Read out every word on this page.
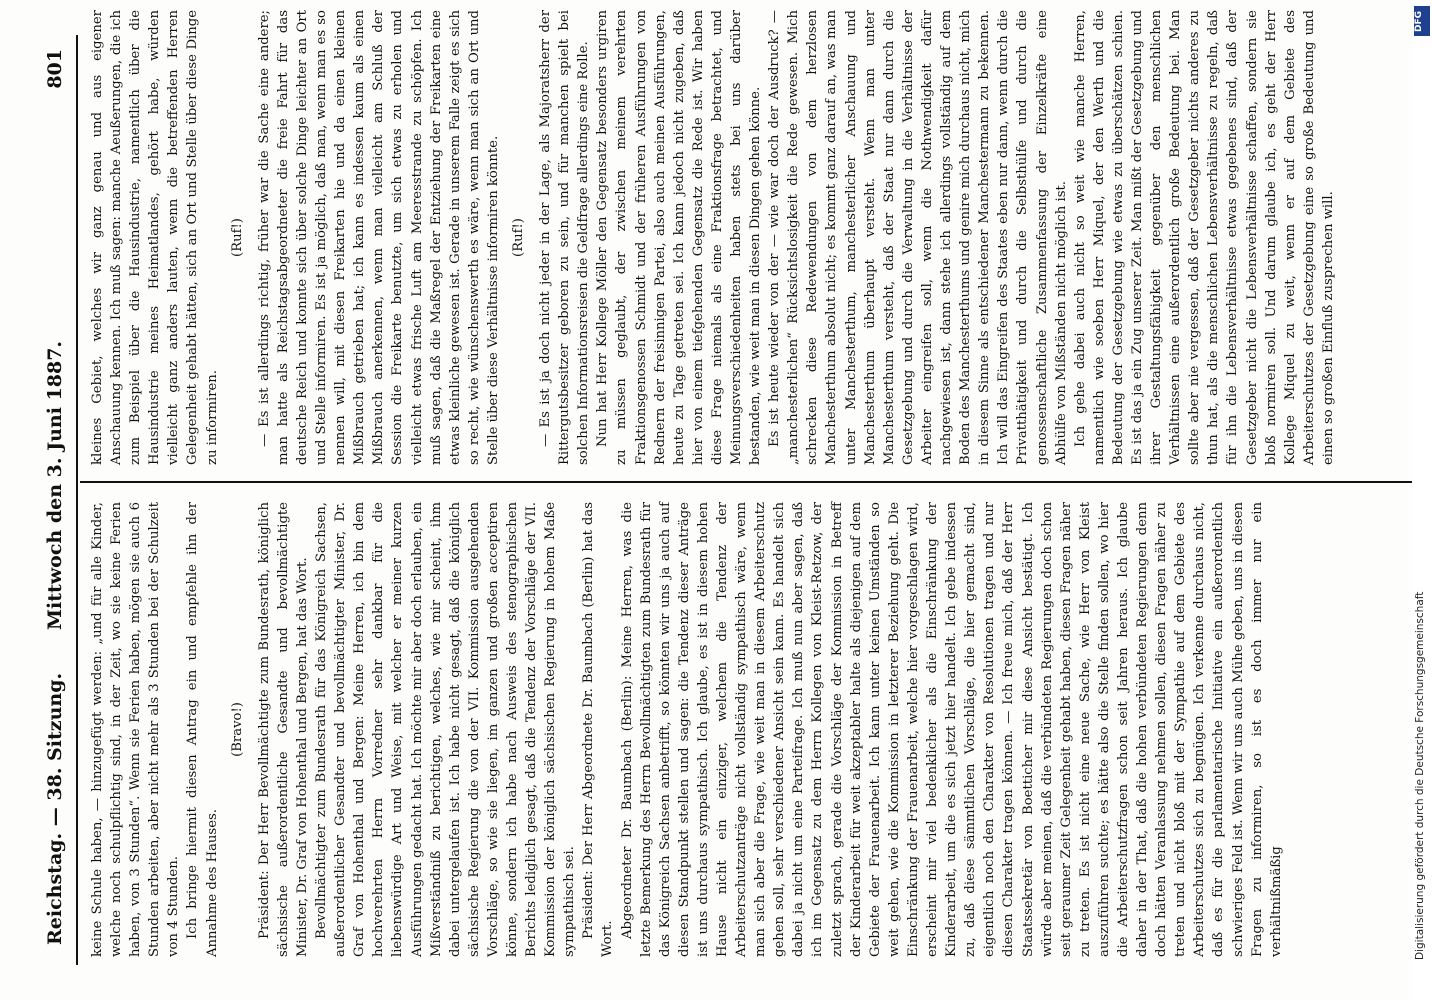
Reichstag. — 38. Sitzung.
Mittwoch den 3. Juni 1887.
801

keine Schule haben, — hinzugefügt werden: „und für alle Kinder, welche noch schulpflichtig sind, in der Zeit, wo sie keine Ferien haben, von 3 Stunden“. Wenn sie Ferien haben, mögen sie auch 6 Stunden arbeiten, aber nicht mehr als 3 Stunden bei der Schulzeit von 4 Stunden. Ich bringe hiermit diesen Antrag ein und empfehle ihn der Annahme des Hauses.

(Bravo!) Präsident: Der Herr Bevollmächtigte zum Bundesrath, königlich sächsische außerordentliche Gesandte und bevollmächtigte Minister, Dr. Graf von Hohenthal und Bergen, hat das Wort. Bevollmächtigter zum Bundesrath für das Königreich Sachsen, außerordentlicher Gesandter und bevollmächtigter Minister, Dr. Graf von Hohenthal und Bergen: Meine Herren, ich bin dem hochverehrten Herrn Vorredner sehr dankbar für die liebenswürdige Art und Weise, mit welcher er meiner kurzen Ausführungen gedacht hat. Ich möchte mir aber doch erlauben, ein Mißverständniß zu berichtigen, welches, wie mir scheint, ihm dabei untergelaufen ist. Ich habe nicht gesagt, daß die königlich sächsische Regierung die von der VII. Kommission ausgehenden Vorschläge, so wie sie liegen, im ganzen und großen acceptiren könne, sondern ich habe nach Ausweis des stenographischen Berichts lediglich gesagt, daß die Tendenz der Vorschläge der VII. Kommission der königlich sächsischen Regierung in hohem Maße sympathisch sei. Präsident: Der Herr Abgeordnete Dr. Baumbach (Berlin) hat das Wort. Abgeordneter Dr. Baumbach (Berlin): Meine Herren, was die letzte Bemerkung des Herrn Bevollmächtigten zum Bundesrath für das Königreich Sachsen anbetrifft, so könnten wir uns ja auch auf diesen Standpunkt stellen und sagen: die Tendenz dieser Anträge ist uns durchaus sympathisch. Ich glaube, es ist in diesem hohen Hause nicht ein einziger, welchem die Tendenz der Arbeiterschutzanträge nicht vollständig sympathisch wäre, wenn man sich aber die Frage, wie weit man in diesem Arbeiterschutz gehen soll, sehr verschiedener Ansicht sein kann. Es handelt sich dabei ja nicht um eine Parteifrage. Ich muß nun aber sagen, daß ich im Gegensatz zu dem Herrn Kollegen von Kleist-Retzow, der zuletzt sprach, gerade die Vorschläge der Kommission in Betreff der Kinderarbeit für weit akzeptabler halte als diejenigen auf dem Gebiete der Frauenarbeit. Ich kann unter keinen Umständen so weit gehen, wie die Kommission in letzterer Beziehung geht. Die Einschränkung der Frauenarbeit, welche hier vorgeschlagen wird, erscheint mir viel bedenklicher als die Einschränkung der Kinderarbeit, um die es sich jetzt hier handelt. Ich gebe indessen zu, daß diese sämmtlichen Vorschläge, die hier gemacht sind, eigentlich noch den Charakter von Resolutionen tragen und nur diesen Charakter tragen können. — Ich freue mich, daß der Herr Staatssekretär von Boetticher mir diese Ansicht bestätigt. Ich würde aber meinen, daß die verbündeten Regierungen doch schon seit geraumer Zeit Gelegenheit gehabt haben, diesen Fragen näher zu treten. Es ist nicht eine neue Sache, wie Herr von Kleist auszuführen suchte; es hätte also die Stelle finden sollen, wo hier die Arbeiterschutzfragen schon seit Jahren heraus. Ich glaube daher in der That, daß die hohen verbündeten Regierungen denn doch hätten Veranlassung nehmen sollen, diesen Fragen näher zu treten und nicht bloß mit der Sympathie auf dem Gebiete des Arbeiterschutzes sich zu begnügen. Ich verkenne durchaus nicht, daß es für die parlamentarische Initiative ein außerordentlich schwieriges Feld ist. Wenn wir uns auch Mühe geben, uns in diesen Fragen zu informiren, so ist es doch immer nur ein verhältnißmäßig

kleines Gebiet, welches wir ganz genau und aus eigener Anschauung kennen. Ich muß sagen: manche Aeußerungen, die ich zum Beispiel über die Hausindustrie, namentlich über die Hausindustrie meines Heimatlandes, gehört habe, würden vielleicht ganz anders lauten, wenn die betreffenden Herren Gelegenheit gehabt hätten, sich an Ort und Stelle über diese Dinge zu informiren.

(Ruf!) — Es ist allerdings richtig, früher war die Sache eine andere; man hatte als Reichstagsabgeordneter die freie Fahrt für das deutsche Reich und konnte sich über solche Dinge leichter an Ort und Stelle informiren. Es ist ja möglich, daß man, wenn man es so nennen will, mit diesen Freikarten hie und da einen kleinen Mißbrauch getrieben hat; ich kann es indessen kaum als einen Mißbrauch anerkennen, wenn man vielleicht am Schluß der Session die Freikarte benutzte, um sich etwas zu erholen und vielleicht etwas frische Luft am Meeresstrande zu schöpfen. Ich muß sagen, daß die Maßregel der Entziehung der Freikarten eine etwas kleinliche gewesen ist. Gerade in unserem Falle zeigt es sich so recht, wie wünschenswerth es wäre, wenn man sich an Ort und Stelle über diese Verhältnisse informiren könnte. (Ruf!) — Es ist ja doch nicht jeder in der Lage, als Majoratsherr der Rittergutsbesitzer geboren zu sein, und für manchen spielt bei solchen Informationsreisen die Geldfrage allerdings eine Rolle. Nun hat Herr Kollege Möller den Gegensatz besonders urgiren zu müssen geglaubt, der zwischen meinem verehrten Fraktionsgenossen Schmidt und der früheren Ausführungen von Rednern der freisinnigen Partei, also auch meinen Ausführungen, heute zu Tage getreten sei. Ich kann jedoch nicht zugeben, daß hier von einem tiefgehenden Gegensatz die Rede ist. Wir haben diese Frage niemals als eine Fraktionsfrage betrachtet, und Meinungsverschiedenheiten haben stets bei uns darüber bestanden, wie weit man in diesen Dingen gehen könne. Es ist heute wieder von der — wie war doch der Ausdruck? — „manchesterlichen“ Rücksichtslosigkeit die Rede gewesen. Mich schrecken diese Redewendungen von dem herzlosen Manchesterthum absolut nicht; es kommt ganz darauf an, was man unter Manchesterthum, manchesterlicher Anschauung und Manchesterthum überhaupt versteht. Wenn man unter Manchesterthum versteht, daß der Staat nur dann durch die Gesetzgebung und durch die Verwaltung in die Verhältnisse der Arbeiter eingreifen soll, wenn die Nothwendigkeit dafür nachgewiesen ist, dann stehe ich allerdings vollständig auf dem Boden des Manchesterthums und genire mich durchaus nicht, mich in diesem Sinne als entschiedener Manchestermann zu bekennen. Ich will das Eingreifen des Staates eben nur dann, wenn durch die Privatthätigkeit und durch die Selbsthülfe und durch die genossenschaftliche Zusammenfassung der Einzelkräfte eine Abhülfe von Mißständen nicht möglich ist. Ich gehe dabei auch nicht so weit wie manche Herren, namentlich wie soeben Herr Miquel, der den Werth und die Bedeutung der Gesetzgebung wie etwas zu überschätzen schien. Es ist das ja ein Zug unserer Zeit. Man mißt der Gesetzgebung und ihrer Gestaltungsfähigkeit gegenüber den menschlichen Verhältnissen eine außerordentlich große Bedeutung bei. Man sollte aber nie vergessen, daß der Gesetzgeber nichts anderes zu thun hat, als die menschlichen Lebensverhältnisse zu regeln, daß für ihn die Lebensverhältnisse etwas gegebenes sind, daß der Gesetzgeber nicht die Lebensverhältnisse schaffen, sondern sie bloß normiren soll. Und darum glaube ich, es geht der Herr Kollege Miquel zu weit, wenn er auf dem Gebiete des Arbeiterschutzes der Gesetzgebung eine so große Bedeutung und einen so großen Einfluß zusprechen will.

Digitalisierung gefördert durch die Deutsche Forschungsgemeinschaft
DFG
